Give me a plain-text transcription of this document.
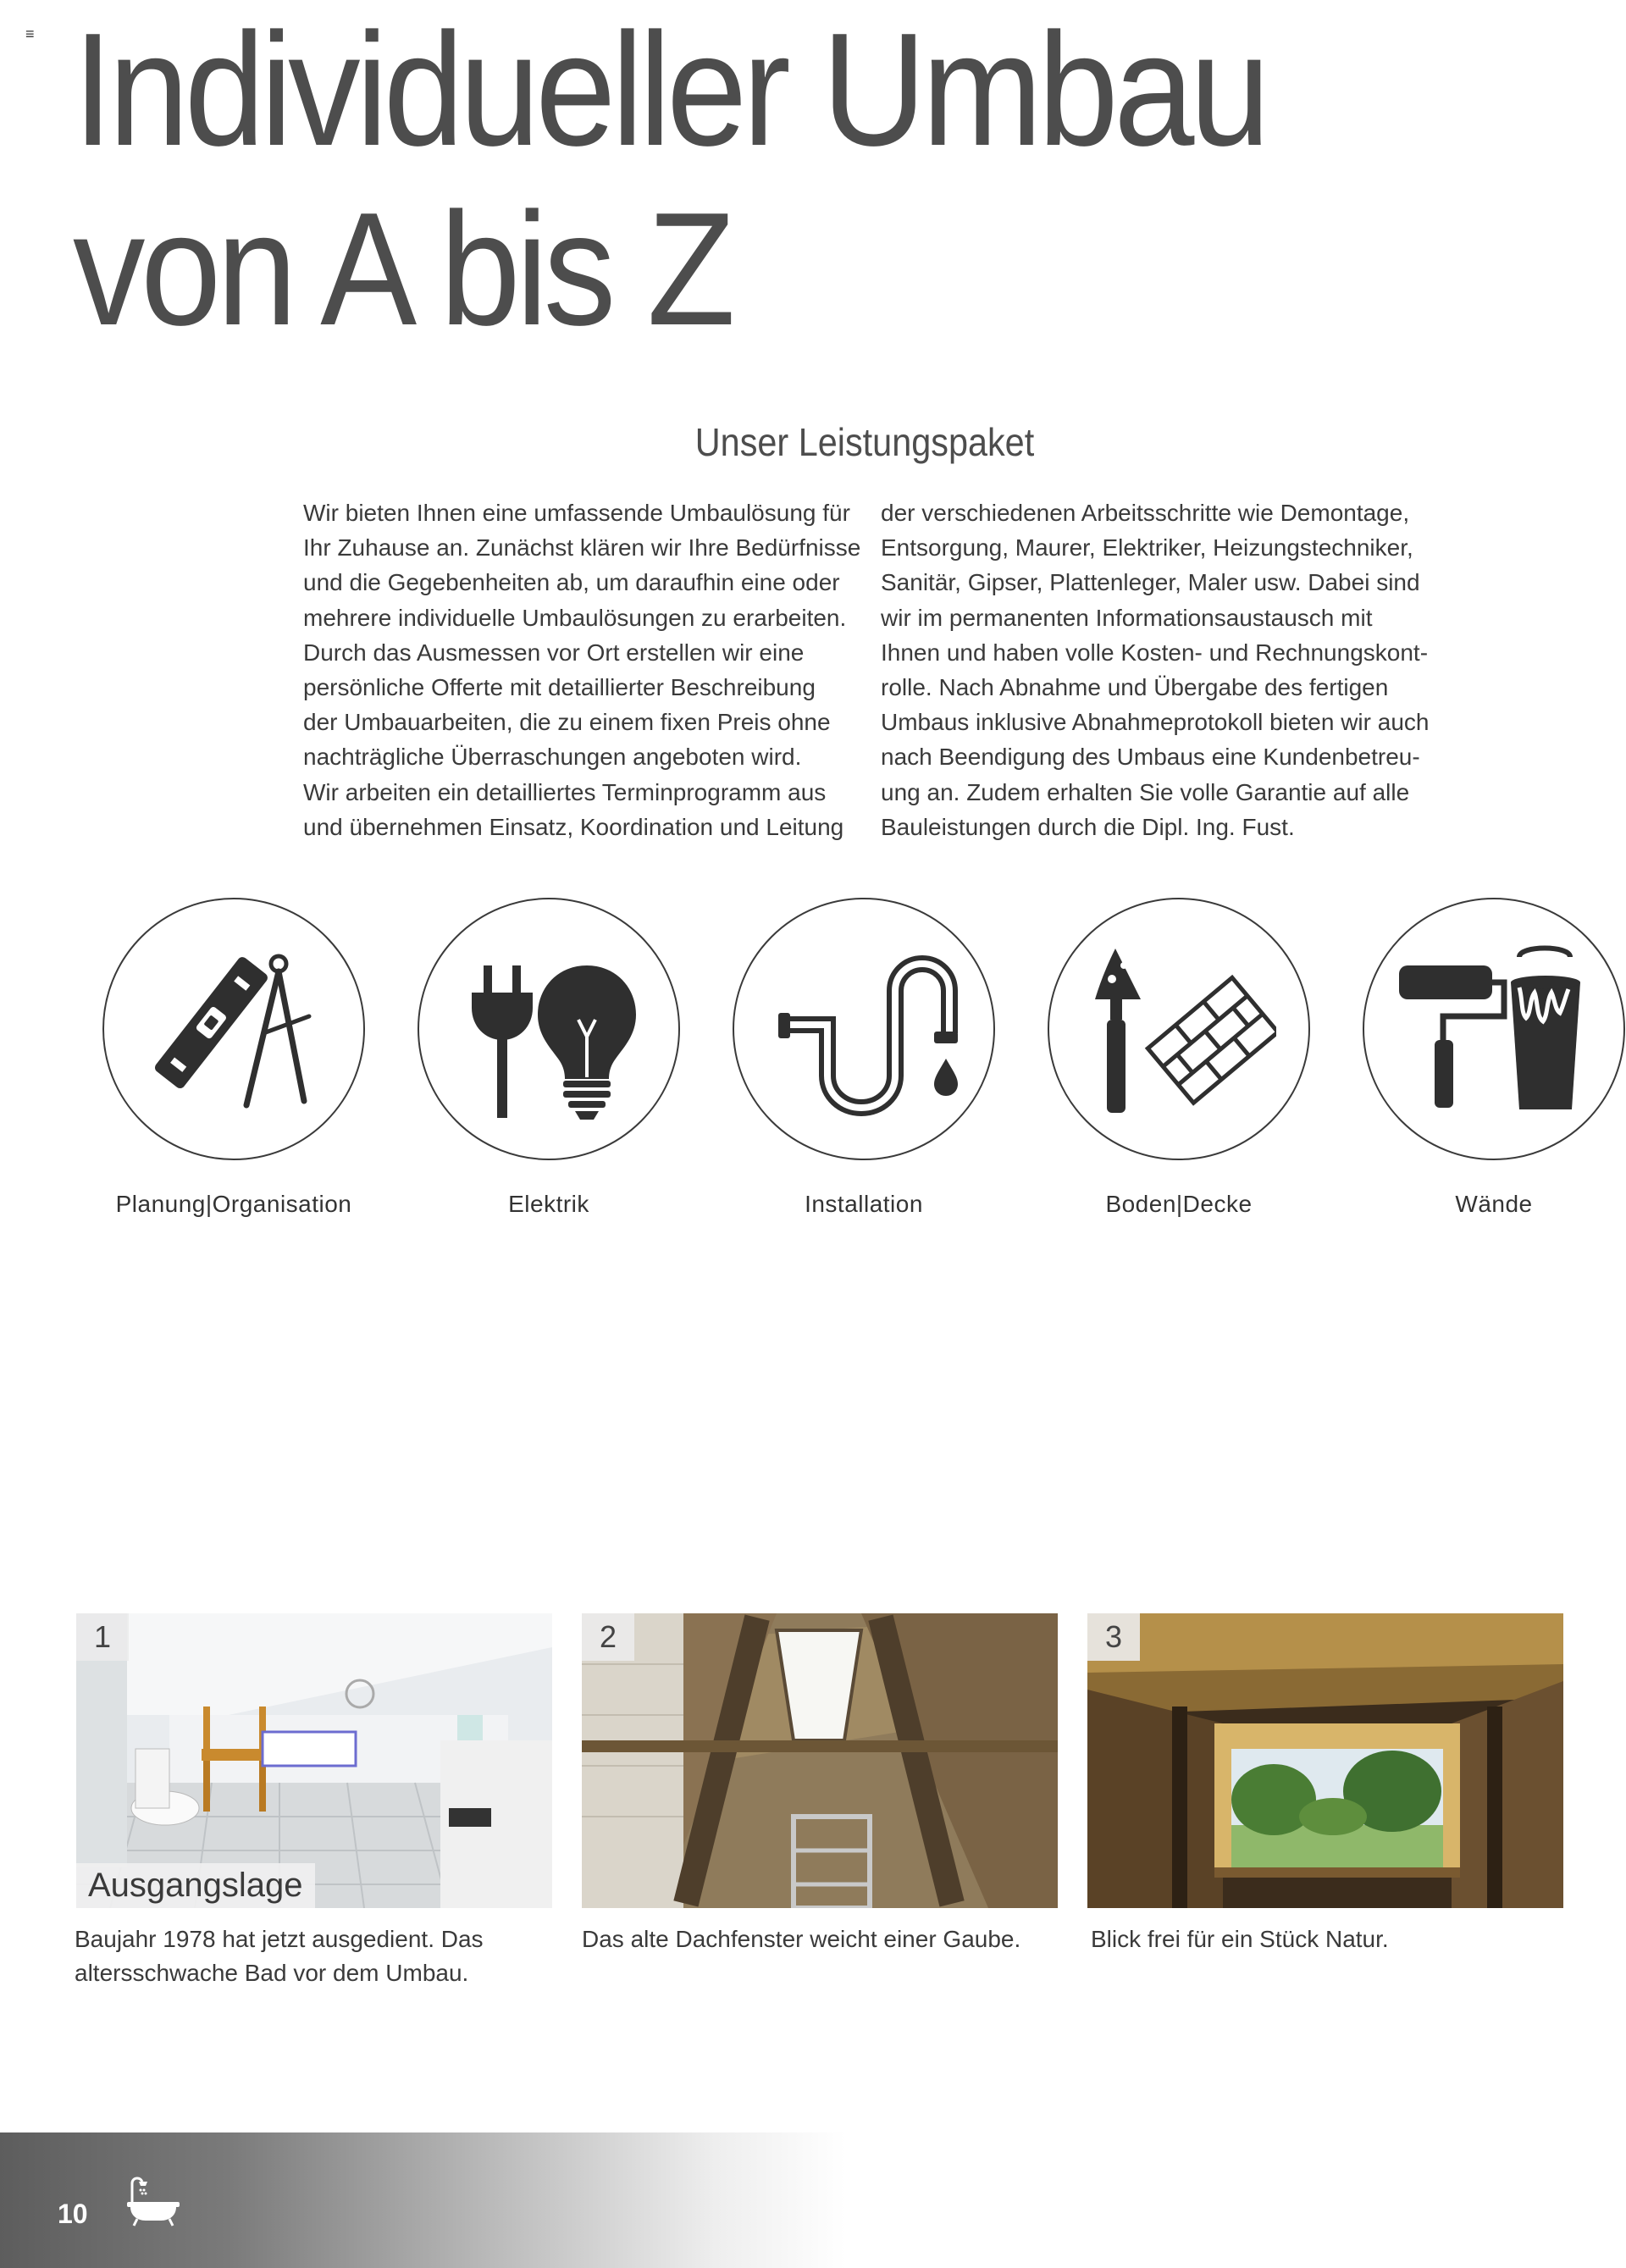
≡ Individueller Umbau
von A bis Z
Unser Leistungspaket
Wir bieten Ihnen eine umfassende Umbaulösung für
Ihr Zuhause an. Zunächst klären wir Ihre Bedürfnisse
und die Gegebenheiten ab, um daraufhin eine oder
mehrere individuelle Umbaulösungen zu erarbeiten.
Durch das Ausmessen vor Ort erstellen wir eine
persönliche Offerte mit detaillierter Beschreibung
der Umbauarbeiten, die zu einem fixen Preis ohne
nachträgliche Überraschungen angeboten wird.
Wir arbeiten ein detailliertes Terminprogramm aus
und übernehmen Einsatz, Koordination und Leitung
der verschiedenen Arbeitsschritte wie Demontage,
Entsorgung, Maurer, Elektriker, Heizungstechniker,
Sanitär, Gipser, Plattenleger, Maler usw. Dabei sind
wir im permanenten Informationsaustausch mit
Ihnen und haben volle Kosten- und Rechnungskont-
rolle. Nach Abnahme und Übergabe des fertigen
Umbaus inklusive Abnahmeprotokoll bieten wir auch
nach Beendigung des Umbaus eine Kundenbetreu-
ung an. Zudem erhalten Sie volle Garantie auf alle
Bauleistungen durch die Dipl. Ing. Fust.
Planung|Organisation	Elektrik	Installation	Boden|Decke	Wände
1
Ausgangslage
2	3
Baujahr 1978 hat jetzt ausgedient. Das
altersschwache Bad vor dem Umbau.
Das alte Dachfenster weicht einer Gaube.	Blick frei für ein Stück Natur.
10
